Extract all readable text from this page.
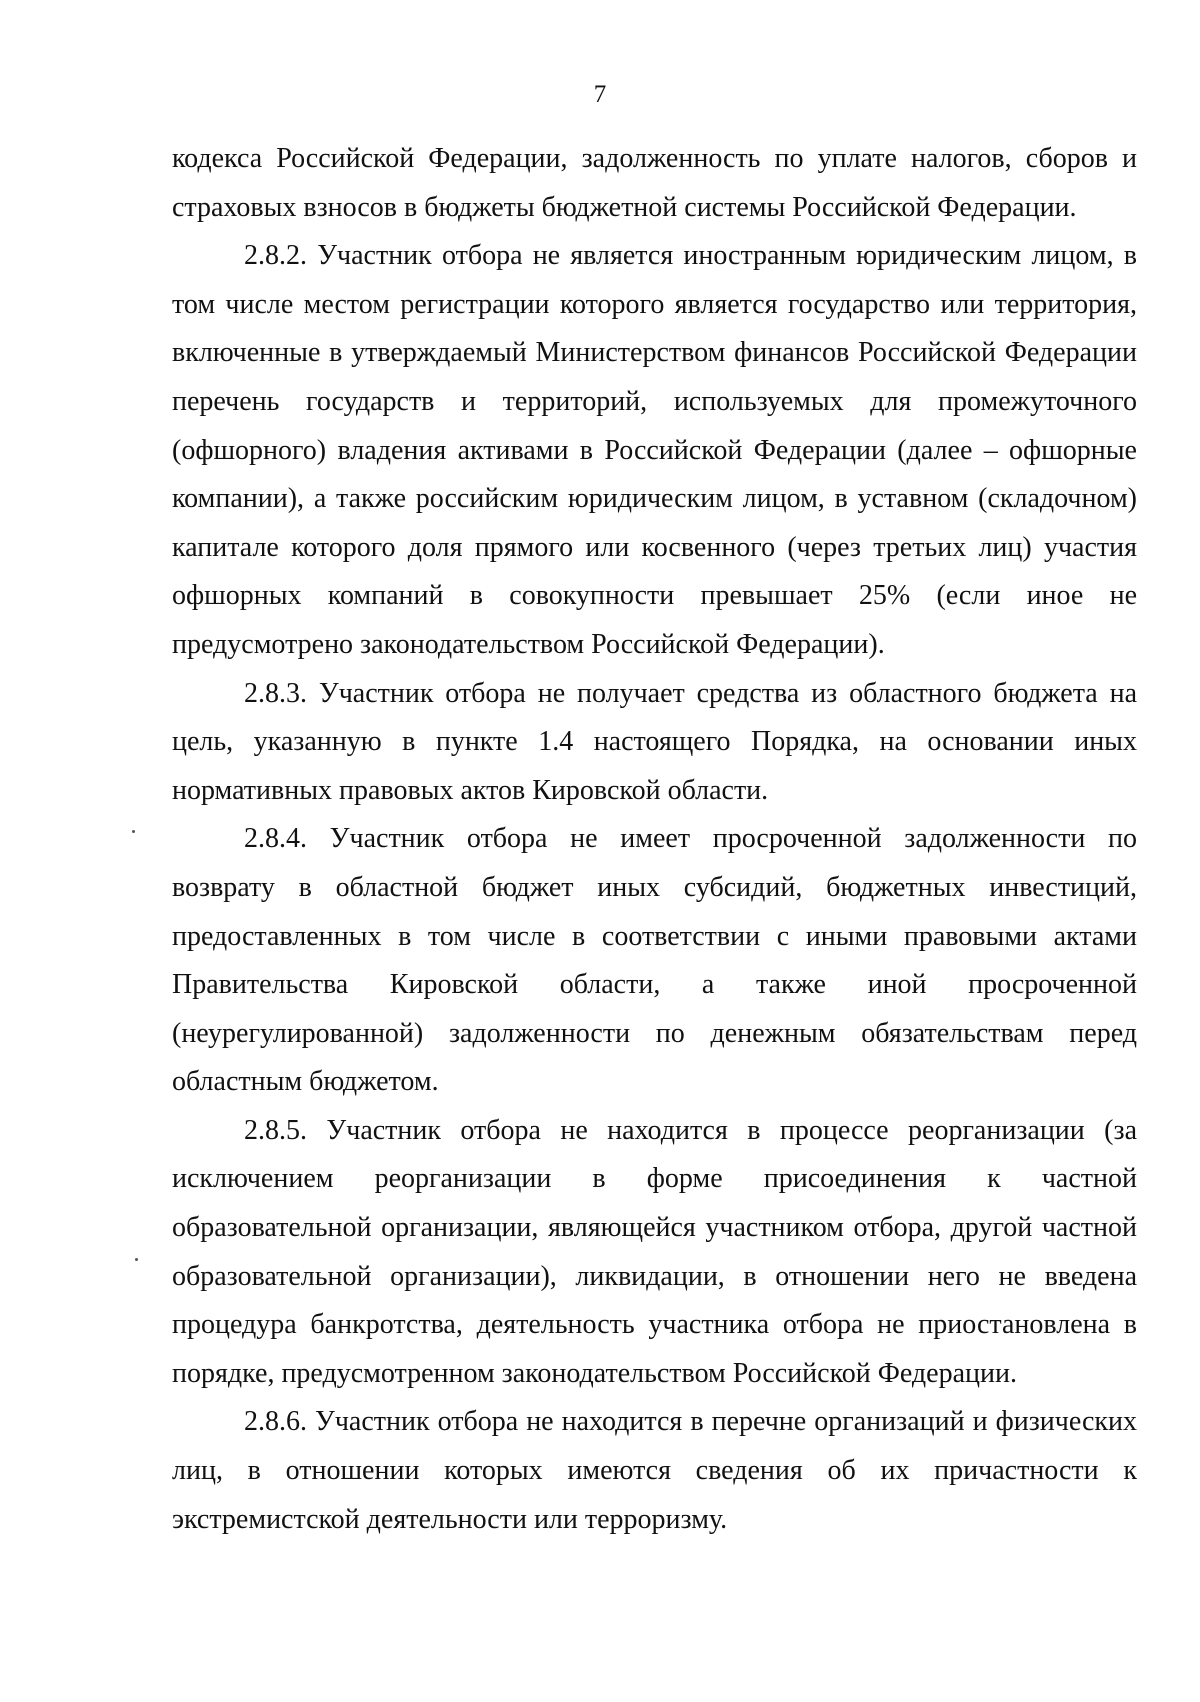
7

кодекса Российской Федерации, задолженность по уплате налогов, сборов и страховых взносов в бюджеты бюджетной системы Российской Федерации.

2.8.2. Участник отбора не является иностранным юридическим лицом, в том числе местом регистрации которого является государство или территория, включенные в утверждаемый Министерством финансов Российской Федерации перечень государств и территорий, используемых для промежуточного (офшорного) владения активами в Российской Федерации (далее – офшорные компании), а также российским юридическим лицом, в уставном (складочном) капитале которого доля прямого или косвенного (через третьих лиц) участия офшорных компаний в совокупности превышает 25% (если иное не предусмотрено законодательством Российской Федерации).

2.8.3. Участник отбора не получает средства из областного бюджета на цель, указанную в пункте 1.4 настоящего Порядка, на основании иных нормативных правовых актов Кировской области.

2.8.4. Участник отбора не имеет просроченной задолженности по возврату в областной бюджет иных субсидий, бюджетных инвестиций, предоставленных в том числе в соответствии с иными правовыми актами Правительства Кировской области, а также иной просроченной (неурегулированной) задолженности по денежным обязательствам перед областным бюджетом.

2.8.5. Участник отбора не находится в процессе реорганизации (за исключением реорганизации в форме присоединения к частной образовательной организации, являющейся участником отбора, другой частной образовательной организации), ликвидации, в отношении него не введена процедура банкротства, деятельность участника отбора не приостановлена в порядке, предусмотренном законодательством Российской Федерации.

2.8.6. Участник отбора не находится в перечне организаций и физических лиц, в отношении которых имеются сведения об их причастности к экстремистской деятельности или терроризму.
